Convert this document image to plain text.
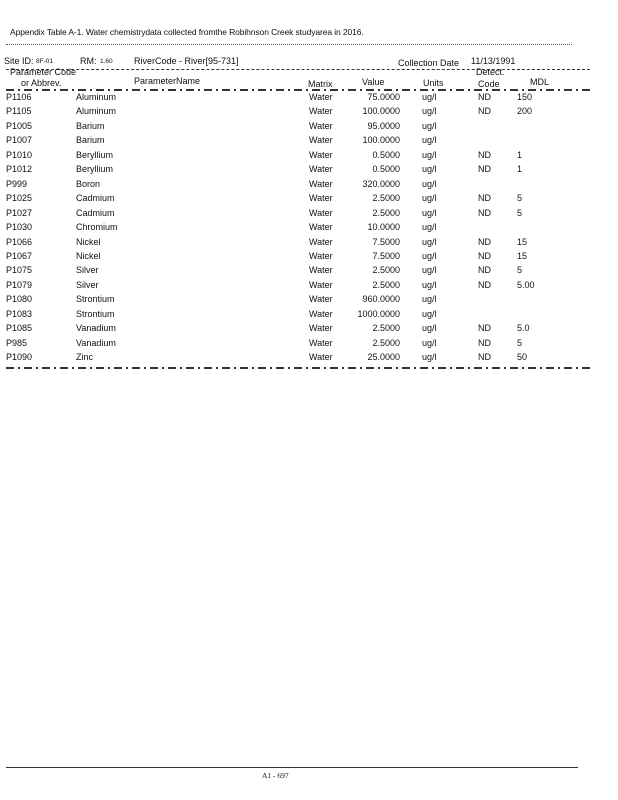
Appendix Table A-1. Water chemistrydata collected fromthe Robihnson Creek studyarea in 2016.
Site ID: 8F-01	RM: 1.60 RiverCode - River[95-731]	Collection Date 11/13/1991
Parameter Code
or Abbrev.	ParameterName	Matrix	Value	Units
Detect.
Code	MDL
P1106	Aluminum	Water	75.0000 ug/l	ND	150
P1105	Aluminum	Water	100.0000 ug/l	ND	200
P1005	Barium	Water	95.0000 ug/l
P1007	Barium	Water	100.0000 ug/l
P1010	Beryllium	Water	0.5000 ug/l	ND	1
P1012	Beryllium	Water	0.5000 ug/l	ND	1
P999	Boron	Water	320.0000 ug/l
P1025	Cadmium	Water	2.5000 ug/l	ND	5
P1027	Cadmium	Water	2.5000 ug/l	ND	5
P1030	Chromium	Water	10.0000 ug/l
P1066	Nickel	Water	7.5000 ug/l	ND	15
P1067	Nickel	Water	7.5000 ug/l	ND	15
P1075	Silver	Water	2.5000 ug/l	ND	5
P1079	Silver	Water	2.5000 ug/l	ND	5.00
P1080	Strontium	Water	960.0000 ug/l
P1083	Strontium	Water	1000.0000 ug/l
P1085	Vanadium	Water	2.5000 ug/l	ND	5.0
P985	Vanadium	Water	2.5000 ug/l	ND	5
P1090	Zinc	Water	25.0000 ug/l	ND	50
A1 - 697
